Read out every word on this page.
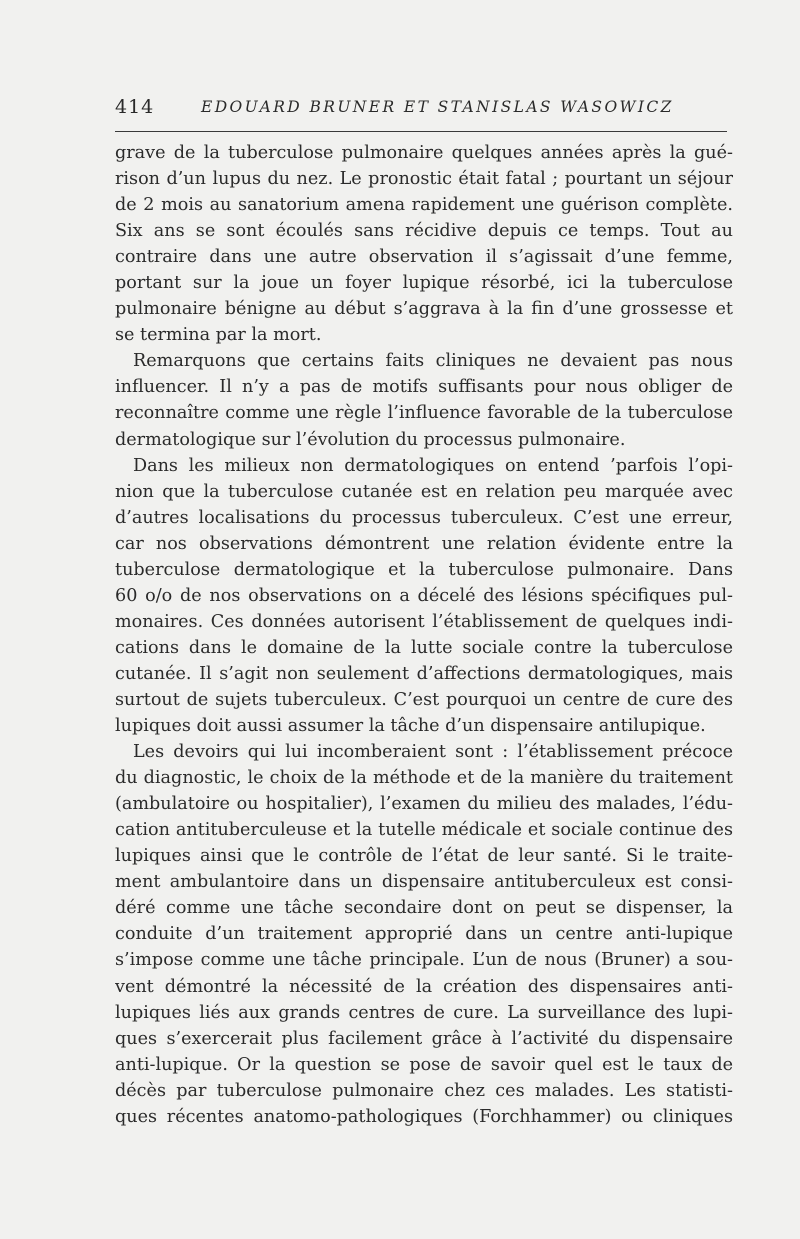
414	EDOUARD BRUNER ET STANISLAS WASOWICZ
grave de la tuberculose pulmonaire quelques années après la gué-
rison d’un lupus du nez. Le pronostic était fatal ; pourtant un séjour
de 2 mois au sanatorium amena rapidement une guérison complète.
Six ans se sont écoulés sans récidive depuis ce temps. Tout au
contraire dans une autre observation il s’agissait d’une femme,
portant sur la joue un foyer lupique résorbé, ici la tuberculose
pulmonaire bénigne au début s’aggrava à la fin d’une grossesse et
se termina par la mort.
Remarquons que certains faits cliniques ne devaient pas nous
influencer. Il n’y a pas de motifs suffisants pour nous obliger de
reconnaître comme une règle l’influence favorable de la tuberculose
dermatologique sur l’évolution du processus pulmonaire.
Dans les milieux non dermatologiques on entend ’parfois l’opi-
nion que la tuberculose cutanée est en relation peu marquée avec
d’autres localisations du processus tuberculeux. C’est une erreur,
car nos observations démontrent une relation évidente entre la
tuberculose dermatologique et la tuberculose pulmonaire. Dans
60 o/o de nos observations on a décelé des lésions spécifiques pul-
monaires. Ces données autorisent l’établissement de quelques indi-
cations dans le domaine de la lutte sociale contre la tuberculose
cutanée. Il s’agit non seulement d’affections dermatologiques, mais
surtout de sujets tuberculeux. C’est pourquoi un centre de cure des
lupiques doit aussi assumer la tâche d’un dispensaire antilupique.
Les devoirs qui lui incomberaient sont : l’établissement précoce
du diagnostic, le choix de la méthode et de la manière du traitement
(ambulatoire ou hospitalier), l’examen du milieu des malades, l’édu-
cation antituberculeuse et la tutelle médicale et sociale continue des
lupiques ainsi que le contrôle de l’état de leur santé. Si le traite-
ment ambulantoire dans un dispensaire antituberculeux est consi-
déré comme une tâche secondaire dont on peut se dispenser, la
conduite d’un traitement approprié dans un centre anti-lupique
s’impose comme une tâche principale. L’un de nous (Bruner) a sou-
vent démontré la nécessité de la création des dispensaires anti-
lupiques liés aux grands centres de cure. La surveillance des lupi-
ques s’exercerait plus facilement grâce à l’activité du dispensaire
anti-lupique. Or la question se pose de savoir quel est le taux de
décès par tuberculose pulmonaire chez ces malades. Les statisti-
ques récentes anatomo-pathologiques (Forchhammer) ou cliniques
